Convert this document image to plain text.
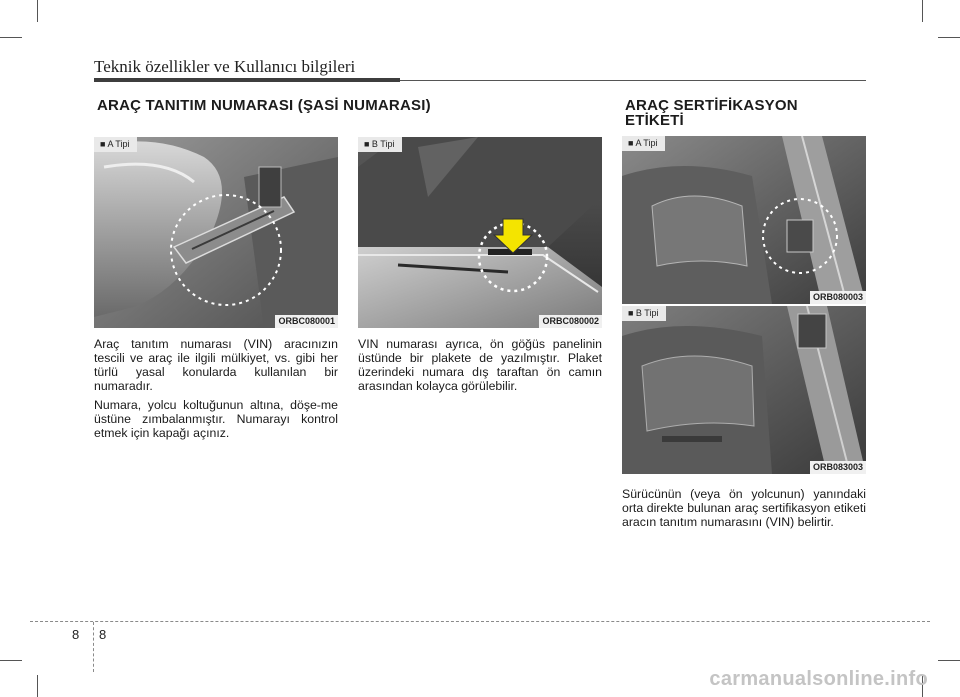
Teknik özellikler ve Kullanıcı bilgileri
ARAÇ TANITIM NUMARASI (ŞASİ NUMARASI)	ARAÇ SERTİFİKASYON
ETİKETİ
■ A Tipi
ORBC080001
■ B Tipi
ORBC080002
■ A Tipi
ORB080003
■ B Tipi
ORB083003

Araç tanıtım numarası (VIN) aracınızın tescili ve araç ile ilgili mülkiyet, vs. gibi her türlü yasal konularda kullanılan bir numaradır.

Numara, yolcu koltuğunun altına, döşe-me üstüne zımbalanmıştır. Numarayı kontrol etmek için kapağı açınız.

VIN numarası ayrıca, ön göğüs panelinin üstünde bir plakete de yazılmıştır. Plaket üzerindeki numara dış taraftan ön camın arasından kolayca görülebilir.

Sürücünün (veya ön yolcunun) yanındaki orta direkte bulunan araç sertifikasyon etiketi aracın tanıtım numarasını (VIN) belirtir.

8 8
carmanualsonline.info
